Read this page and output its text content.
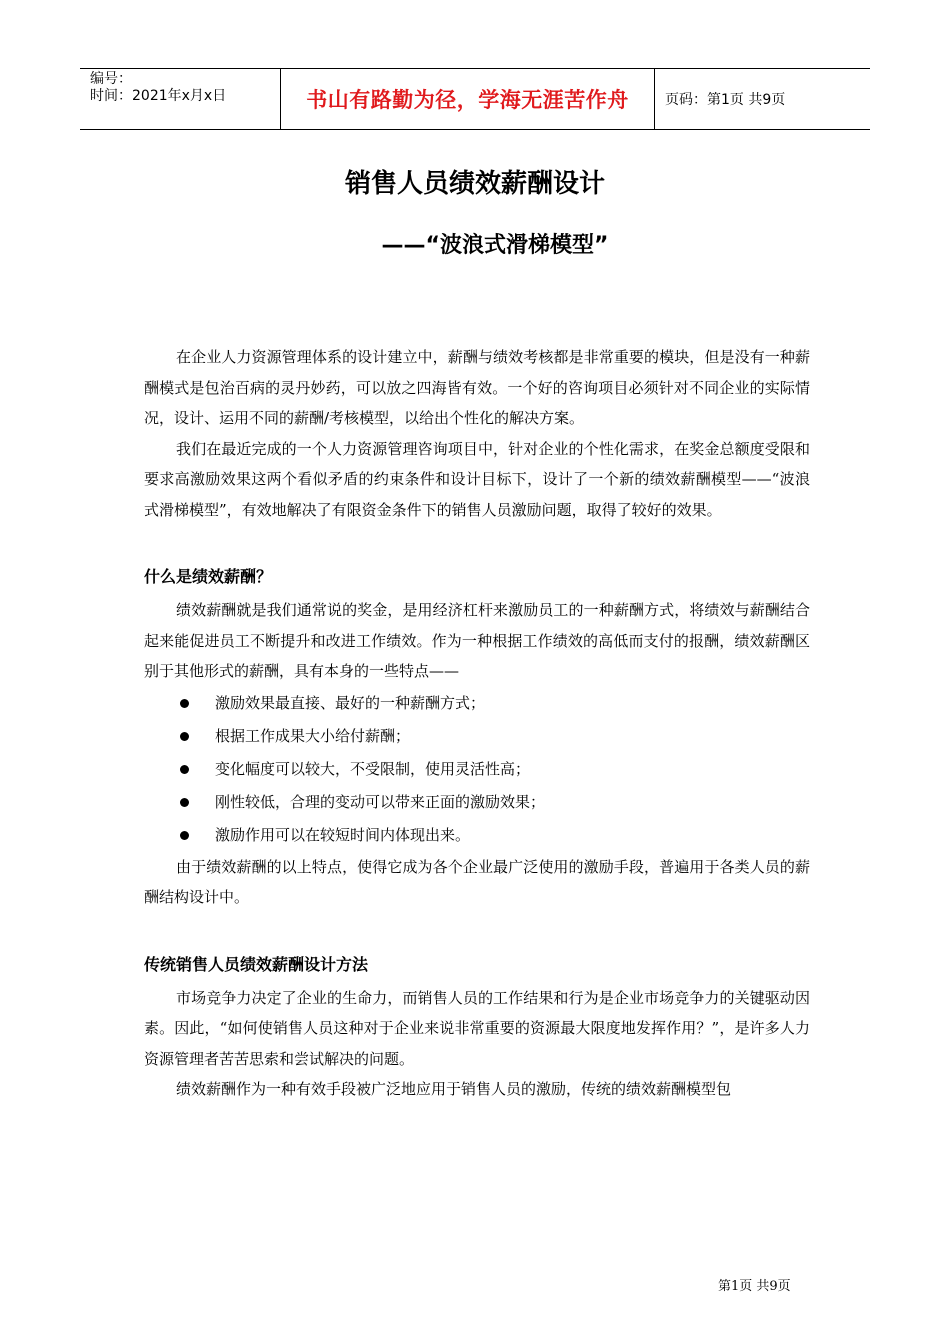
编号：
时间：2021年x月x日	书山有路勤为径，学海无涯苦作舟	页码：第1页 共9页
销售人员绩效薪酬设计
——“波浪式滑梯模型”

在企业人力资源管理体系的设计建立中，薪酬与绩效考核都是非常重要的模块，但是没有一种薪酬模式是包治百病的灵丹妙药，可以放之四海皆有效。一个好的咨询项目必须针对不同企业的实际情况，设计、运用不同的薪酬/考核模型，以给出个性化的解决方案。

我们在最近完成的一个人力资源管理咨询项目中，针对企业的个性化需求，在奖金总额度受限和要求高激励效果这两个看似矛盾的约束条件和设计目标下，设计了一个新的绩效薪酬模型——“波浪式滑梯模型”，有效地解决了有限资金条件下的销售人员激励问题，取得了较好的效果。

什么是绩效薪酬？

绩效薪酬就是我们通常说的奖金，是用经济杠杆来激励员工的一种薪酬方式，将绩效与薪酬结合起来能促进员工不断提升和改进工作绩效。作为一种根据工作绩效的高低而支付的报酬，绩效薪酬区别于其他形式的薪酬，具有本身的一些特点——

激励效果最直接、最好的一种薪酬方式；
根据工作成果大小给付薪酬；
变化幅度可以较大，不受限制，使用灵活性高；
刚性较低，合理的变动可以带来正面的激励效果；
激励作用可以在较短时间内体现出来。

由于绩效薪酬的以上特点，使得它成为各个企业最广泛使用的激励手段，普遍用于各类人员的薪酬结构设计中。

传统销售人员绩效薪酬设计方法

市场竞争力决定了企业的生命力，而销售人员的工作结果和行为是企业市场竞争力的关键驱动因素。因此，“如何使销售人员这种对于企业来说非常重要的资源最大限度地发挥作用？”，是许多人力资源管理者苦苦思索和尝试解决的问题。

绩效薪酬作为一种有效手段被广泛地应用于销售人员的激励，传统的绩效薪酬模型包

第1页 共9页
